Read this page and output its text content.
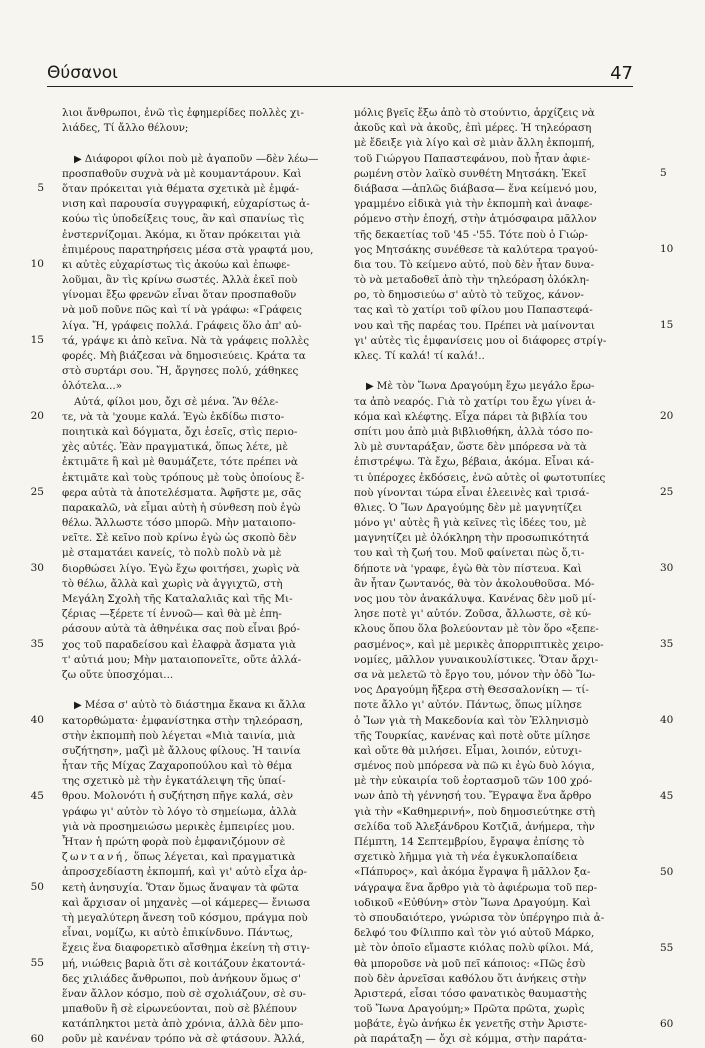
Θύσανοι	47
λιοι ἄνθρωποι, ἐνῶ τὶς ἐφημερίδες πολλὲς χι-
λιάδες, Τί ἄλλο θέλουν;
▶ Διάφοροι φίλοι ποὺ μὲ ἀγαποῦν —δὲν λέω—
προσπαθοῦν συχνὰ νὰ μὲ κουμαντάρουν. Καὶ
ὅταν πρόκειται γιὰ θέματα σχετικὰ μὲ ἐμφά-
νιση καὶ παρουσία συγγραφική, εὐχαρίστως ἀ-
κούω τὶς ὑποδείξεις τους, ἂν καὶ σπανίως τὶς
ἐνστερνίζομαι. Ἀκόμα, κι ὅταν πρόκειται γιὰ
ἐπιμέρους παρατηρήσεις μέσα στὰ γραφτά μου,
κι αὐτὲς εὐχαρίστως τὶς ἀκούω καὶ ἐπωφε-
λοῦμαι, ἂν τὶς κρίνω σωστές. Ἀλλὰ ἐκεῖ ποὺ
γίνομαι ἔξω φρενῶν εἶναι ὅταν προσπαθοῦν
νὰ μοῦ ποῦνε πῶς καὶ τί νὰ γράφω: «Γράφεις
λίγα. Ἤ, γράφεις πολλά. Γράφεις ὅλο ἀπ' αὐ-
τά, γράψε κι ἀπὸ κεῖνα. Νὰ τὰ γράφεις πολλὲς
φορές. Μὴ βιάζεσαι νὰ δημοσιεύεις. Κράτα τα
στὸ συρτάρι σου. Ἤ, ἄργησες πολύ, χάθηκες
ὁλότελα...»
Αὐτά, φίλοι μου, ὄχι σὲ μένα. Ἂν θέλε-
τε, νὰ τὰ 'χουμε καλά. Ἐγὼ ἐκδίδω πιστο-
ποιητικὰ καὶ δόγματα, ὄχι ἐσεῖς, στὶς περιο-
χὲς αὐτές. Ἐὰν πραγματικά, ὅπως λέτε, μὲ
ἐκτιμᾶτε ἢ καὶ μὲ θαυμάζετε, τότε πρέπει νὰ
ἐκτιμᾶτε καὶ τοὺς τρόπους μὲ τοὺς ὁποίους ἔ-
φερα αὐτὰ τὰ ἀποτελέσματα. Ἀφῆστε με, σᾶς
παρακαλῶ, νὰ εἶμαι αὐτὴ ἡ σύνθεση ποὺ ἐγὼ
θέλω. Ἄλλωστε τόσο μπορῶ. Μὴν ματαιοπο-
νεῖτε. Σὲ κεῖνο ποὺ κρίνω ἐγὼ ὡς σκοπὸ δὲν
μὲ σταματάει κανείς, τὸ πολὺ πολὺ νὰ μὲ
διορθώσει λίγο. Ἐγὼ ἔχω φοιτήσει, χωρὶς νὰ
τὸ θέλω, ἄλλὰ καὶ χωρὶς νὰ ἀγγιχτῶ, στὴ
Μεγάλη Σχολὴ τῆς Καταλαλιᾶς καὶ τῆς Μι-
ζέριας —ξέρετε τί ἐννοῶ— καὶ θὰ μὲ ἐπη-
ράσουν αὐτὰ τὰ ἀθηνέικα σας ποὺ εἶναι βρό-
χος τοῦ παραδείσου καὶ ἐλαφρὰ ἄσματα γιὰ
τ' αὐτιά μου; Μὴν ματαιοπονεῖτε, οὔτε ἀλλά-
ζω οὔτε ὑποσχόμαι...
▶ Μέσα σ' αὐτὸ τὸ διάστημα ἔκανα κι ἄλλα
κατορθώματα· ἐμφανίστηκα στὴν τηλεόραση,
στὴν ἐκπομπὴ ποὺ λέγεται «Μιὰ ταινία, μιὰ
συζήτηση», μαζὶ μὲ ἄλλους φίλους. Ἡ ταινία
ἦταν τῆς Μίχας Ζαχαροπούλου καὶ τὸ θέμα
της σχετικὸ μὲ τὴν ἐγκατάλειψη τῆς ὑπαί-
θρου. Μολονότι ἡ συζήτηση πῆγε καλά, σὲν
γράφω γι' αὐτὸν τὸ λόγο τὸ σημείωμα, ἀλλὰ
γιὰ νὰ προσημειώσω μερικὲς ἐμπειρίες μου.
Ἦταν ἡ πρώτη φορὰ ποὺ ἐμφανιζόμουν σὲ
ζωντανή, ὅπως λέγεται, καὶ πραγματικὰ
ἀπροσχεδίαστη ἐκπομπή, καὶ γι' αὐτὸ εἶχα ἀρ-
κετὴ ἀνησυχία. Ὅταν ὅμως ἄναψαν τὰ φῶτα
καὶ ἄρχισαν οἱ μηχανὲς —οἱ κάμερες— ἔνιωσα
τὴ μεγαλύτερη ἄνεση τοῦ κόσμου, πράγμα ποὺ
εἶναι, νομίζω, κι αὐτὸ ἐπικίνδυνο. Πάντως,
ἔχεις ἕνα διαφορετικὸ αἴσθημα ἐκείνη τὴ στιγ-
μή, νιώθεις βαριὰ ὅτι σὲ κοιτάζουν ἑκατοντά-
δες χιλιάδες ἄνθρωποι, ποὺ ἀνήκουν ὅμως σ'
ἕναν ἄλλον κόσμο, ποὺ σὲ σχολιάζουν, σὲ συ-
μπαθοῦν ἢ σὲ εἰρωνεύονται, ποὺ σὲ βλέπουν
κατάπληκτοι μετὰ ἀπὸ χρόνια, ἀλλὰ δὲν μπο-
ροῦν μὲ κανέναν τρόπο νὰ σὲ φτάσουν. Ἀλλά,
μόλις βγεῖς ἔξω ἀπὸ τὸ στούντιο, ἀρχίζεις νὰ
ἀκοῦς καὶ νὰ ἀκοῦς, ἐπὶ μέρες. Ἡ τηλεόραση
μὲ ἔδειξε γιὰ λίγο καὶ σὲ μιὰν ἄλλη ἐκπομπή,
τοῦ Γιώργου Παπαστεφάνου, ποὺ ἦταν ἀφιε-
ρωμένη στὸν λαϊκὸ συνθέτη Μητσάκη. Ἐκεῖ
διάβασα —ἁπλῶς διάβασα— ἕνα κείμενό μου,
γραμμένο εἰδικὰ γιὰ τὴν ἐκπομπὴ καὶ ἀναφε-
ρόμενο στὴν ἐποχή, στὴν ἀτμόσφαιρα μᾶλλον
τῆς δεκαετίας τοῦ '45 -'55. Τότε ποὺ ὁ Γιώρ-
γος Μητσάκης συνέθεσε τὰ καλύτερα τραγού-
δια του. Τὸ κείμενο αὐτό, ποὺ δὲν ἦταν δυνα-
τὸ νὰ μεταδοθεῖ ἀπὸ τὴν τηλεόραση ὁλόκλη-
ρο, τὸ δημοσιεύω σ' αὐτὸ τὸ τεῦχος, κάνον-
τας καὶ τὸ χατίρι τοῦ φίλου μου Παπαστεφά-
νου καὶ τῆς παρέας του. Πρέπει νὰ μαίνονται
γι' αὐτὲς τὶς ἐμφανίσεις μου οἱ διάφορες στρίγ-
κλες. Τί καλά! τί καλά!..
▶ Μὲ τὸν Ἴωνα Δραγούμη ἔχω μεγάλο ἔρω-
τα ἀπὸ νεαρός. Γιὰ τὸ χατίρι του ἔχω γίνει ἀ-
κόμα καὶ κλέφτης. Εἶχα πάρει τὰ βιβλία του
σπίτι μου ἀπὸ μιὰ βιβλιοθήκη, ἀλλὰ τόσο πο-
λὺ μὲ συνταράξαν, ὥστε δὲν μπόρεσα νὰ τὰ
ἐπιστρέψω. Τὰ ἔχω, βέβαια, ἀκόμα. Εἶναι κά-
τι ὑπέροχες ἐκδόσεις, ἐνῶ αὐτὲς οἱ φωτοτυπίες
ποὺ γίνονται τώρα εἶναι ἐλεεινὲς καὶ τρισά-
θλιες. Ὁ Ἴων Δραγούμης δὲν μὲ μαγνητίζει
μόνο γι' αὐτὲς ἢ γιὰ κεῖνες τὶς ἰδέες του, μὲ
μαγνητίζει μὲ ὁλόκληρη τὴν προσωπικότητά
του καὶ τὴ ζωή του. Μοῦ φαίνεται πὼς ὅ,τι-
δήποτε νὰ 'γραφε, ἐγὼ θὰ τὸν πίστευα. Καὶ
ἂν ἦταν ζωντανός, θὰ τὸν ἀκολουθοῦσα. Μό-
νος μου τὸν ἀνακάλυψα. Κανένας δὲν μοῦ μί-
λησε ποτὲ γι' αὐτόν. Ζοῦσα, ἄλλωστε, σὲ κύ-
κλους ὅπου ὅλα βολεύονταν μὲ τὸν ὅρο «ξεπε-
ρασμένος», καὶ μὲ μερικὲς ἀπορριπτικὲς χειρο-
νομίες, μᾶλλον γυναικουλίστικες. Ὅταν ἄρχι-
σα νὰ μελετῶ τὸ ἔργο του, μόνον τὴν ὁδὸ Ἴω-
νος Δραγούμη ἤξερα στὴ Θεσσαλονίκη — τί-
ποτε ἄλλο γι' αὐτόν. Πάντως, ὅπως μίλησε
ὁ Ἴων γιὰ τὴ Μακεδονία καὶ τὸν Ἑλληνισμὸ
τῆς Τουρκίας, κανένας καὶ ποτὲ οὔτε μίλησε
καὶ οὔτε θὰ μιλήσει. Εἶμαι, λοιπόν, εὐτυχι-
σμένος ποὺ μπόρεσα νὰ πῶ κι ἐγὼ δυὸ λόγια,
μὲ τὴν εὐκαιρία τοῦ ἑορτασμοῦ τῶν 100 χρό-
νων ἀπὸ τὴ γέννησή του. Ἔγραψα ἕνα ἄρθρο
γιὰ τὴν «Καθημερινή», ποὺ δημοσιεύτηκε στὴ
σελίδα τοῦ Ἀλεξάνδρου Κοτζιᾶ, ἀνήμερα, τὴν
Πέμπτη, 14 Σεπτεμβρίου, ἔγραψα ἐπίσης τὸ
σχετικὸ λῆμμα γιὰ τὴ νέα ἐγκυκλοπαίδεια
«Πάπυρος», καὶ ἀκόμα ἔγραψα ἢ μᾶλλον ξα-
νάγραψα ἕνα ἄρθρο γιὰ τὸ ἀφιέρωμα τοῦ περ-
ιοδικοῦ «Εὐθύνη» στὸν Ἴωνα Δραγούμη. Καὶ
τὸ σπουδαιότερο, γνώρισα τὸν ὑπέργηρο πιὰ ἀ-
δελφό του Φίλιππο καὶ τὸν γιό αὐτοῦ Μάρκο,
μὲ τὸν ὁποῖο εἴμαστε κιόλας πολὺ φίλοι. Μά,
θὰ μποροῦσε νὰ μοῦ πεῖ κάποιος: «Πῶς ἐσὺ
ποὺ δὲν ἀρνεῖσαι καθόλου ὅτι ἀνήκεις στὴν
Ἀριστερά, εἶσαι τόσο φανατικὸς θαυμαστὴς
τοῦ Ἴωνα Δραγούμη;» Πρῶτα πρῶτα, χωρὶς
μοβάτε, ἐγὼ ἀνήκω ἐκ γενετῆς στὴν Ἀριστε-
ρὰ παράταξη — ὄχι σὲ κόμμα, στὴν παράτα-
5
10
15
20
25
30
35
40
45
50
55
60
5
10
15
20
25
30
35
40
45
50
55
60
